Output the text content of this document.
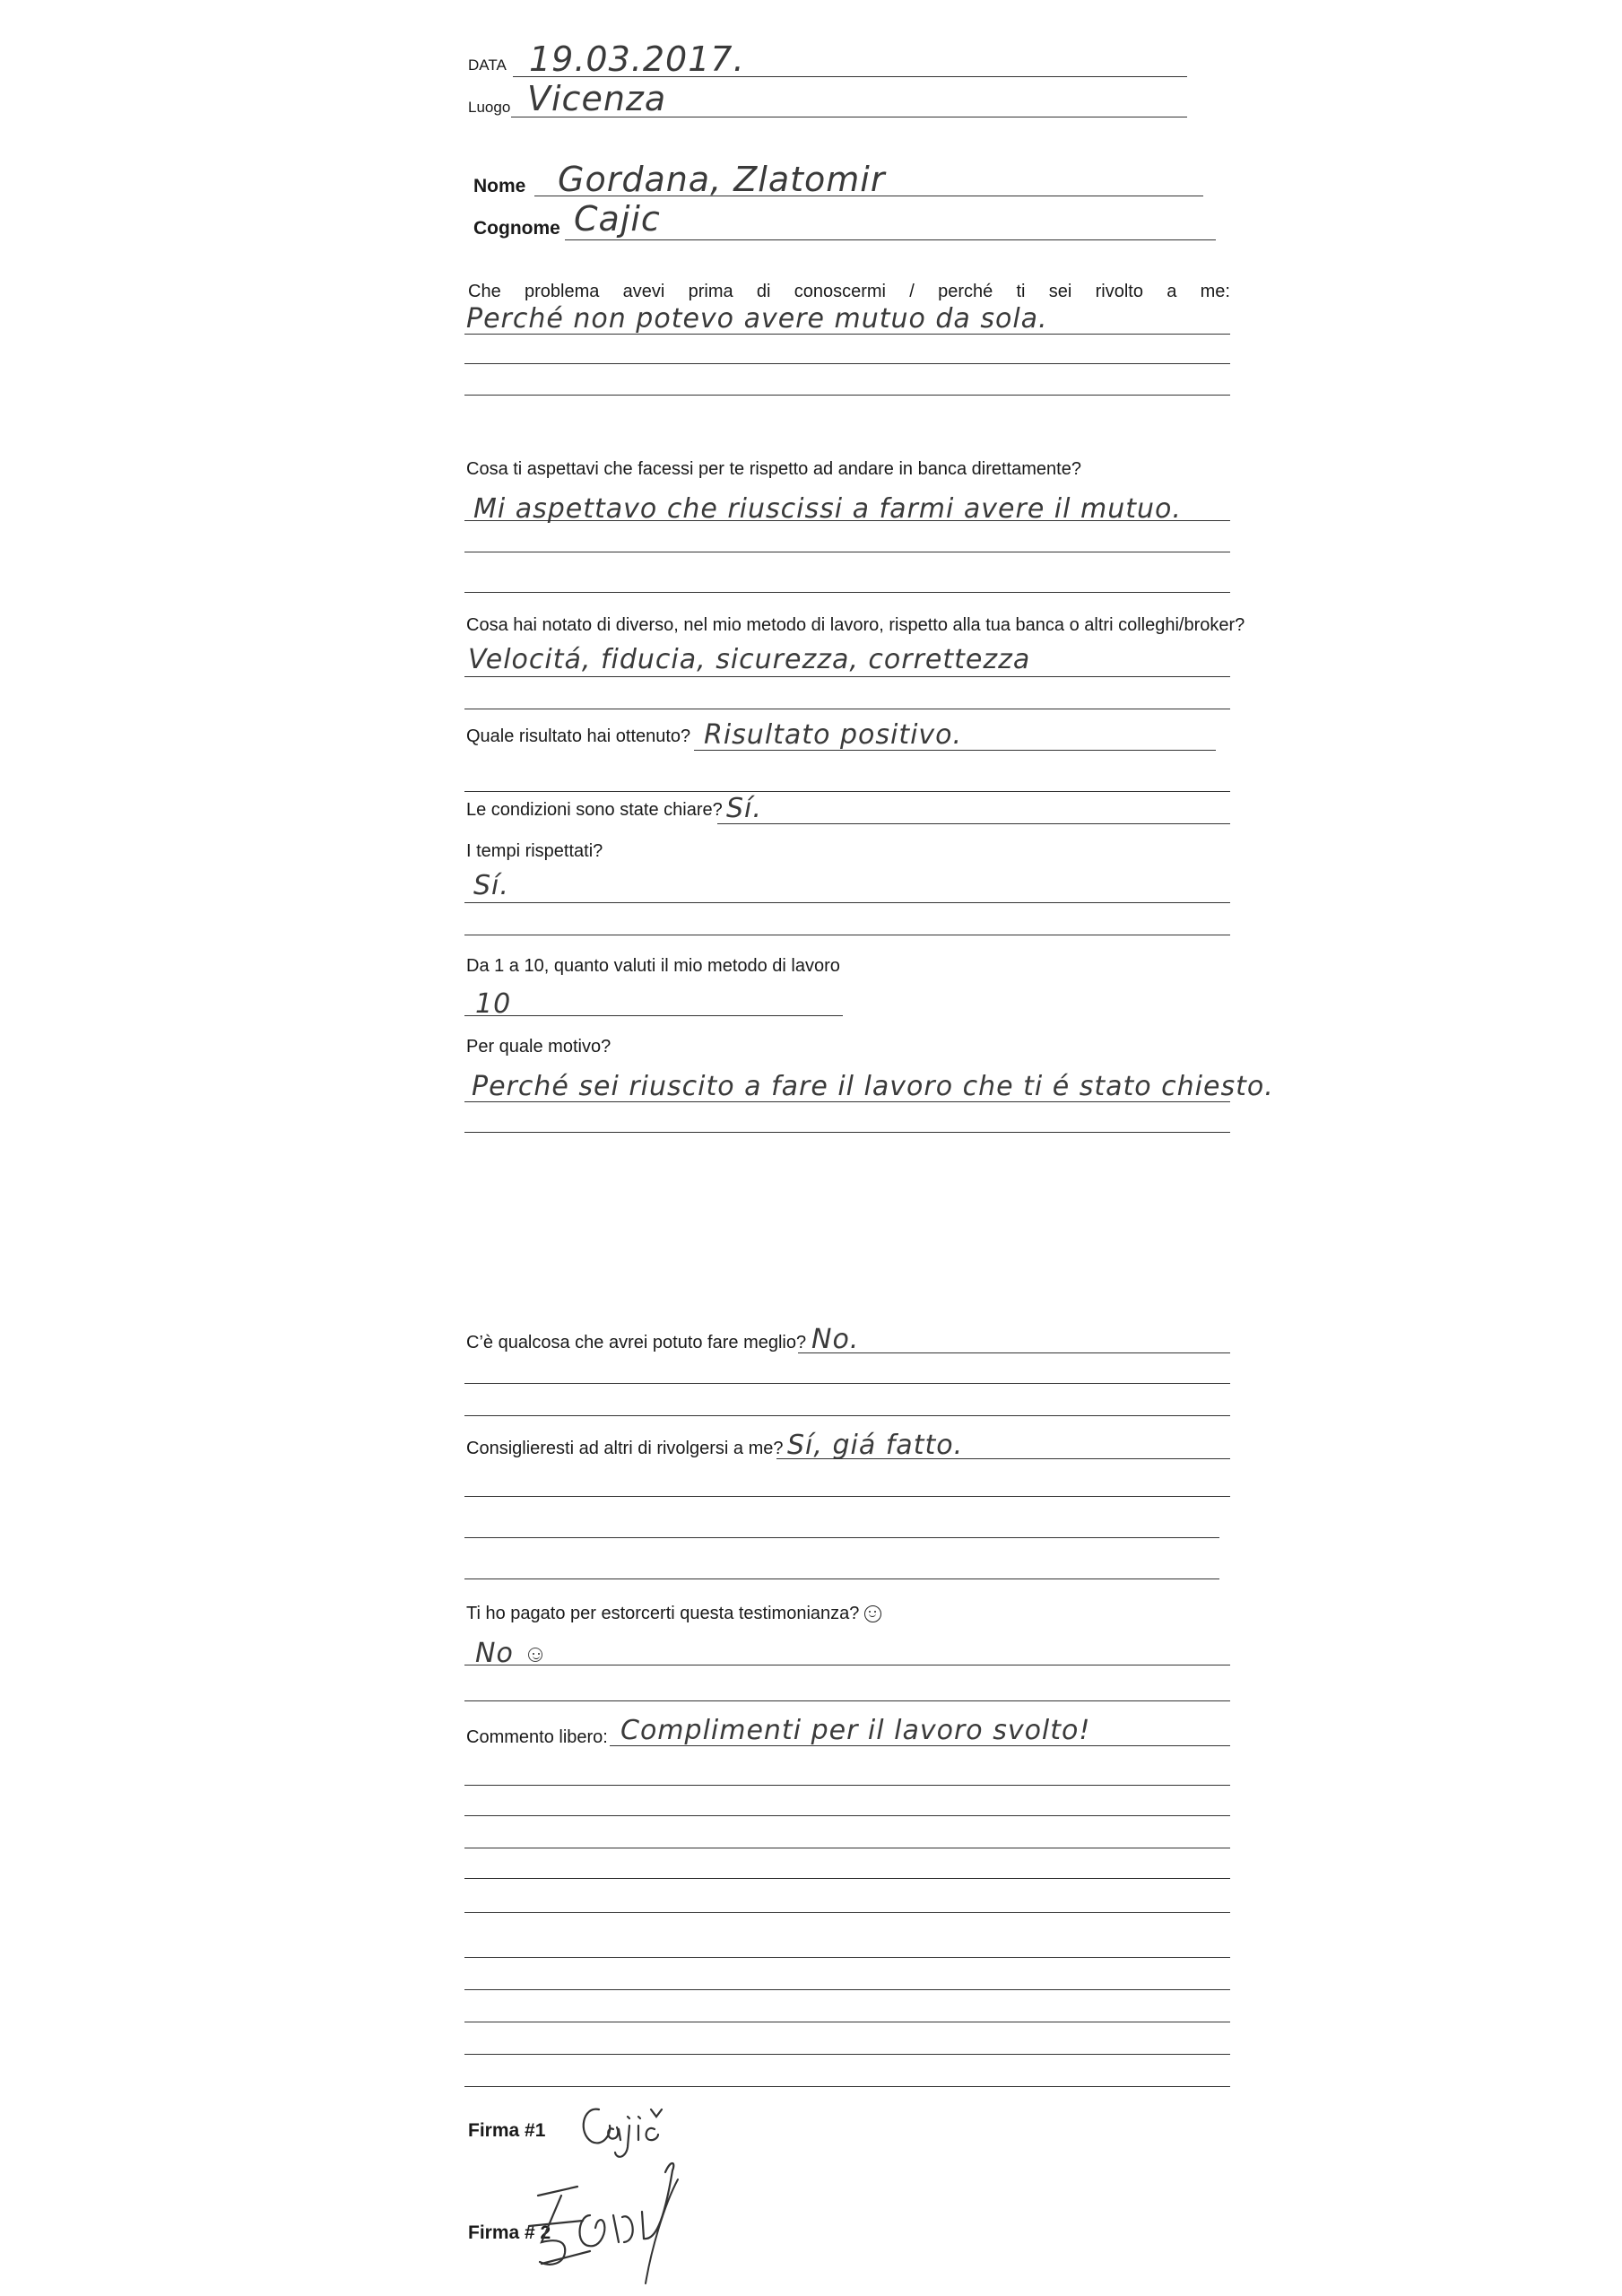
DATA 19.03.2017.
Luogo Vicenza
Nome Gordana, Zlatomir
Cognome Cajic
Che problema avevi prima di conoscermi / perché ti sei rivolto a me:
Perché non potevo avere mutuo da sola.
Cosa ti aspettavi che facessi per te rispetto ad andare in banca direttamente?
Mi aspettavo che riuscissi a farmi avere il mutuo.
Cosa hai notato di diverso, nel mio metodo di lavoro, rispetto alla tua banca o altri colleghi/broker?
Velocitá, fiducia, sicurezza, correttezza
Quale risultato hai ottenuto? Risultato positivo.
Le condizioni sono state chiare? Sí.
I tempi rispettati?
Sí.
Da 1 a 10, quanto valuti il mio metodo di lavoro
10
Per quale motivo?
Perché sei riuscito a fare il lavoro che ti é stato chiesto.
C’è qualcosa che avrei potuto fare meglio? No.
Consiglieresti ad altri di rivolgersi a me? Sí, giá fatto.
Ti ho pagato per estorcerti questa testimonianza?
No
Commento libero: Complimenti per il lavoro svolto!
Firma #1
Firma # 2
